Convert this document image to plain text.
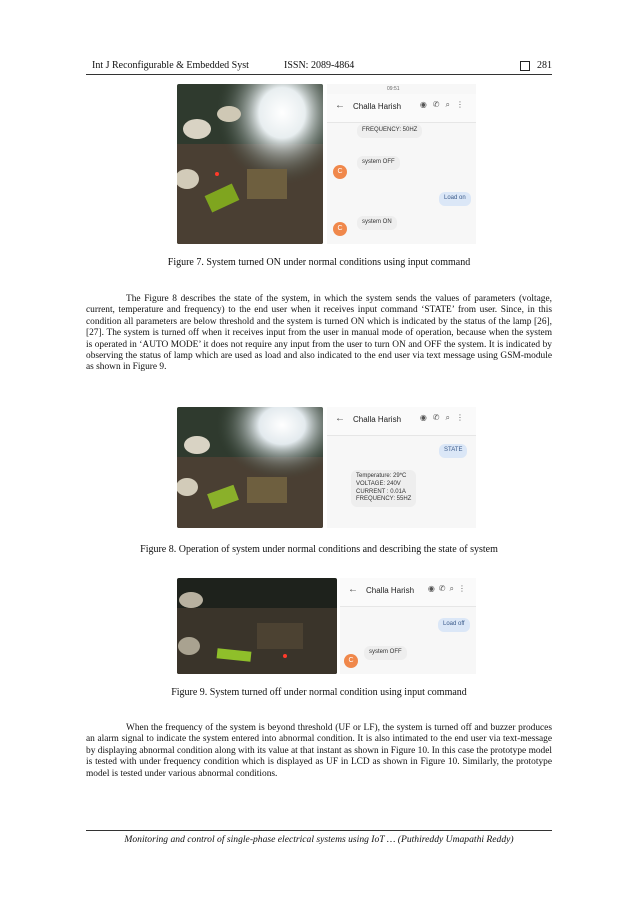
Int J Reconfigurable & Embedded Syst	ISSN: 2089-4864	281
09:51
← Challa Harish ◉✆⌕⋮
FREQUENCY: 50HZ
system OFF
C
Load on
system ON
C
Figure 7. System turned ON under normal conditions using input command

The Figure 8 describes the state of the system, in which the system sends the values of parameters (voltage, current, temperature and frequency) to the end user when it receives input command ‘STATE’ from user. Since, in this condition all parameters are below threshold and the system is turned ON which is indicated by the status of the lamp [26], [27]. The system is turned off when it receives input from the user in manual mode of operation, because when the system is operated in ‘AUTO MODE’ it does not require any input from the user to turn ON and OFF the system. It is indicated by observing the status of lamp which are used as load and also indicated to the end user via text message using GSM-module as shown in Figure 9.

← Challa Harish ◉✆⌕⋮
STATE
Temperature: 29*C
VOLTAGE: 240V
CURRENT : 0.01A
FREQUENCY: 55HZ
Figure 8. Operation of system under normal conditions and describing the state of system
← Challa Harish ◉✆⌕⋮
Load off
system OFF
C
Figure 9. System turned off under normal condition using input command

When the frequency of the system is beyond threshold (UF or LF), the system is turned off and buzzer produces an alarm signal to indicate the system entered into abnormal condition. It is also intimated to the end user via text-message by displaying abnormal condition along with its value at that instant as shown in Figure 10. In this case the prototype model is tested with under frequency condition which is displayed as UF in LCD as shown in Figure 10. Similarly, the prototype model is tested under various abnormal conditions.

Monitoring and control of single-phase electrical systems using IoT … (Puthireddy Umapathi Reddy)
